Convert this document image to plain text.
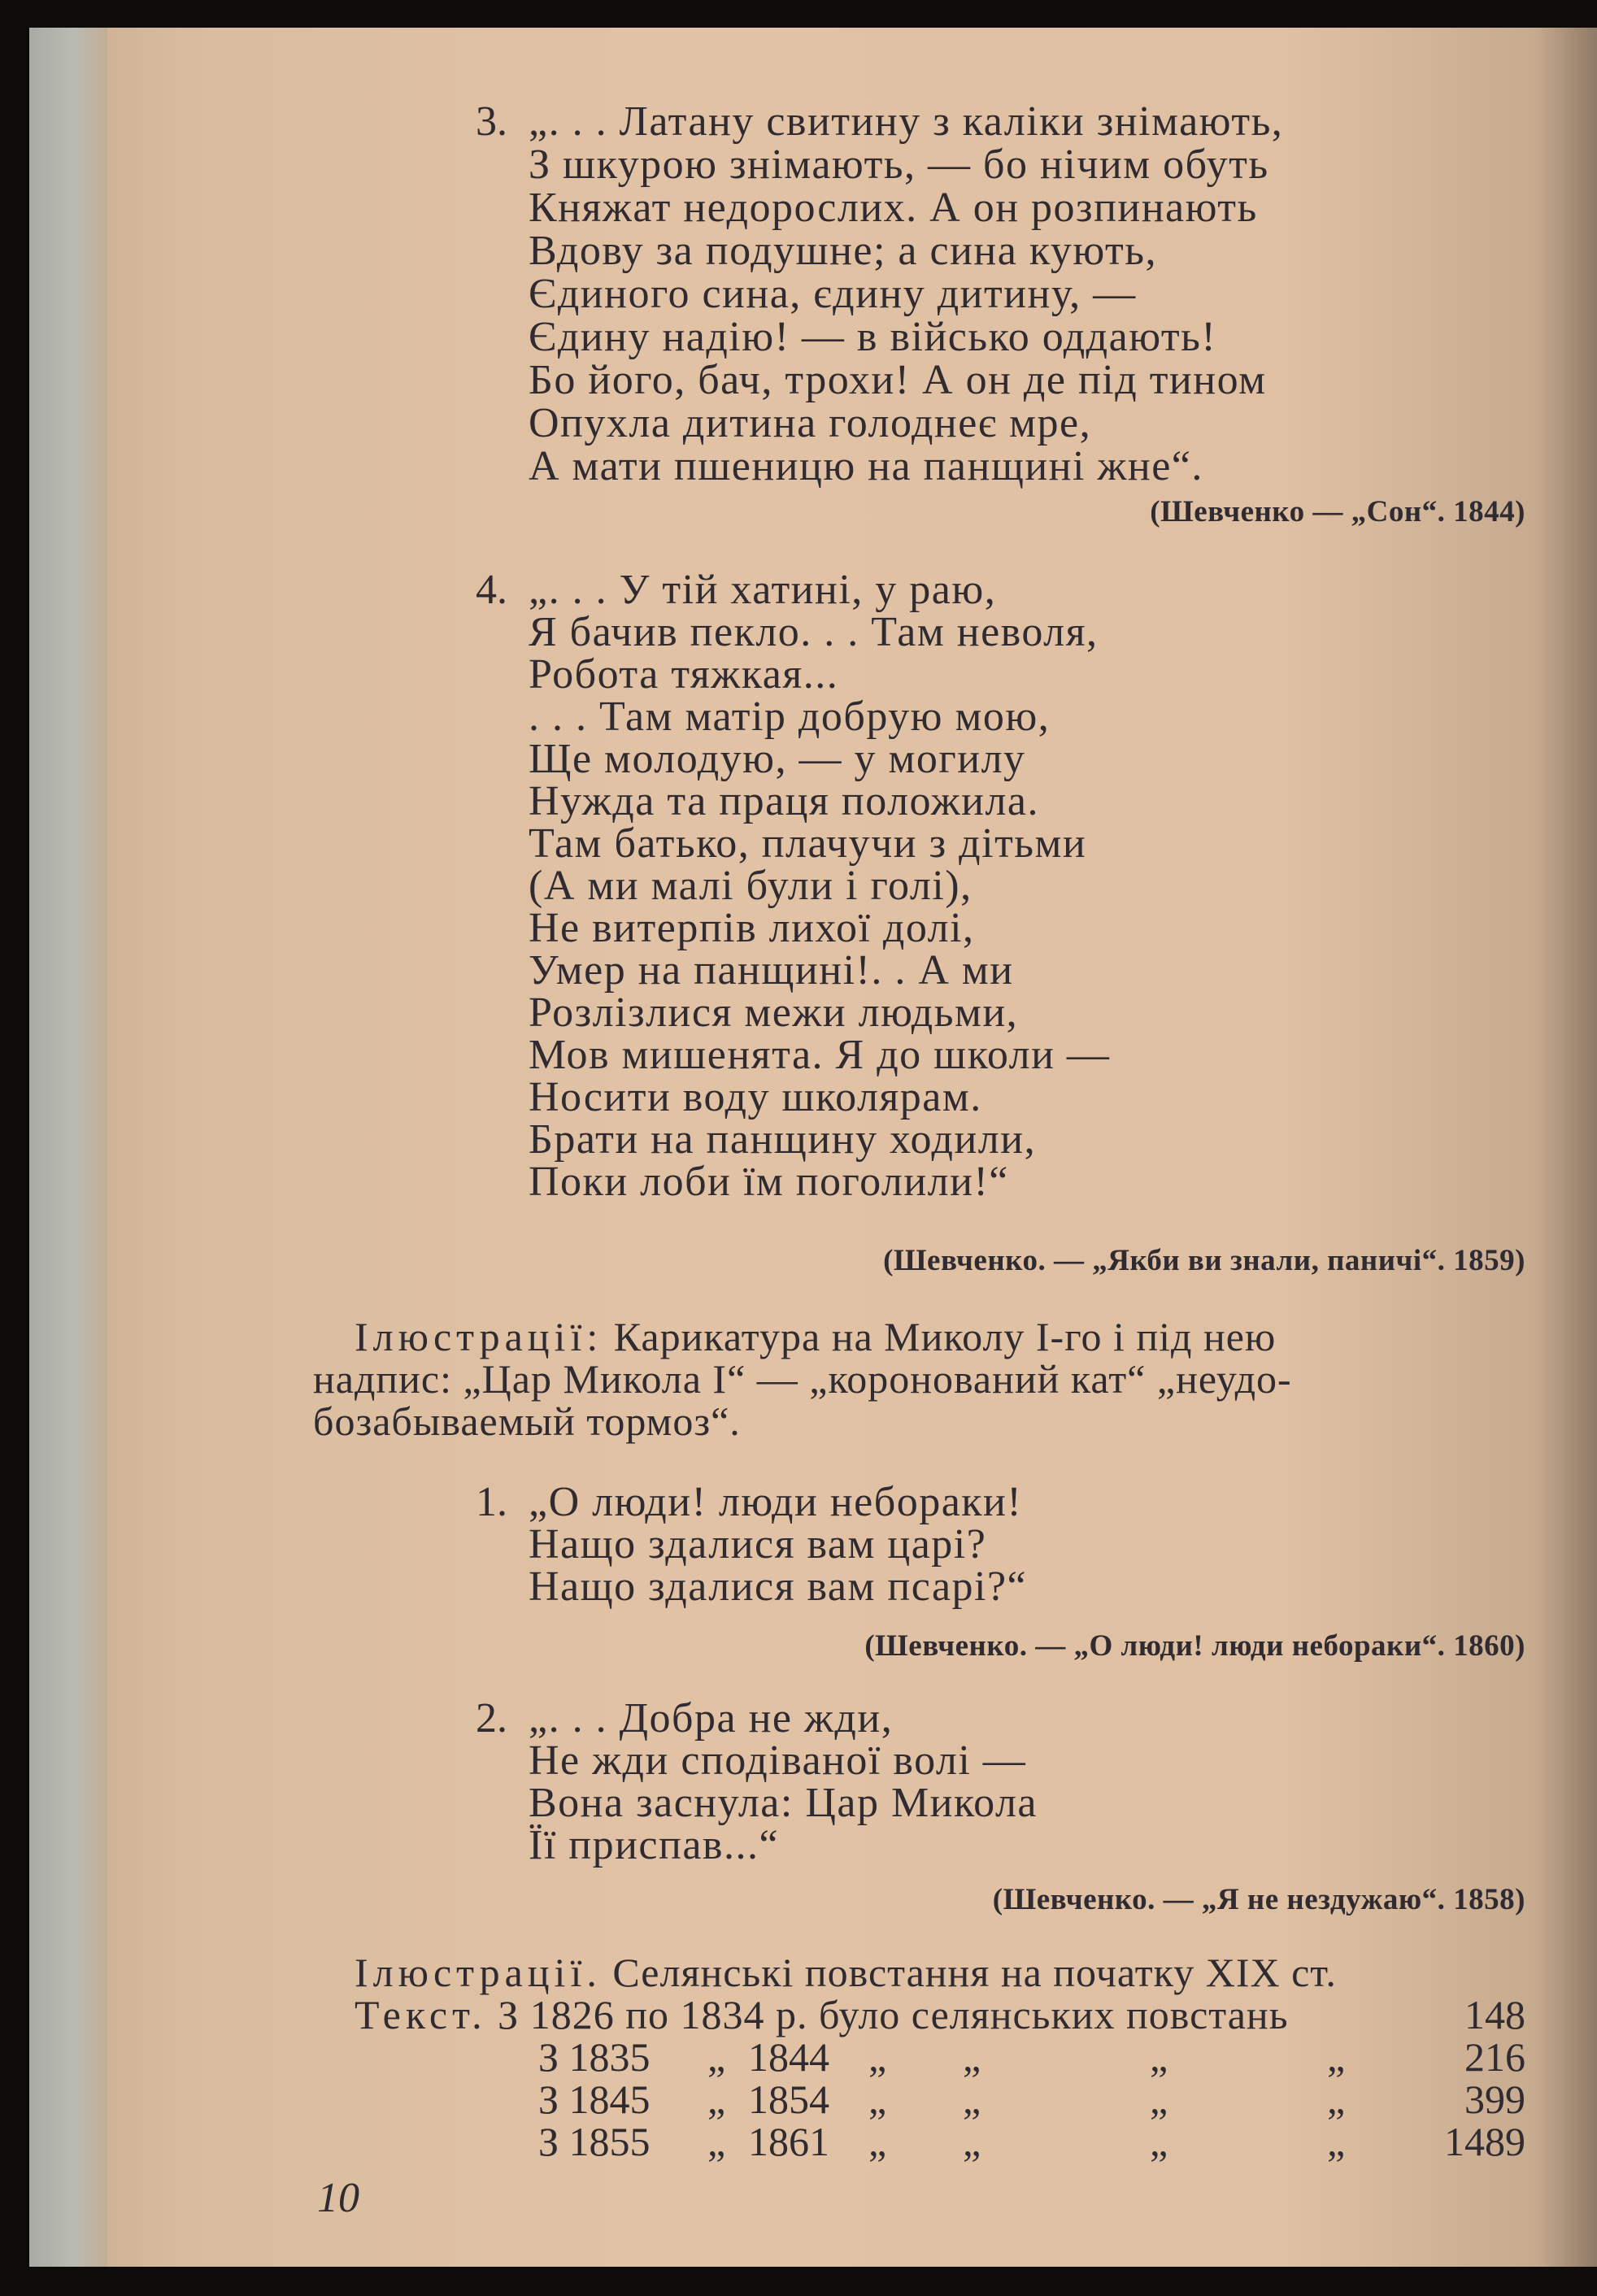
3. „. . . Латану свитину з каліки знімають,
З шкурою знімають, — бо нічим обуть
Княжат недорослих. А он розпинають
Вдову за подушне; а сина кують,
Єдиного сина, єдину дитину, —
Єдину надію! — в військо оддають!
Бо його, бач, трохи! А он де під тином
Опухла дитина голоднеє мре,
А мати пшеницю на панщині жне“.
(Шевченко — „Сон“. 1844)
4. „. . . У тій хатині, у раю,
Я бачив пекло. . . Там неволя,
Робота тяжкая...
. . . Там матір добрую мою,
Ще молодую, — у могилу
Нужда та праця положила.
Там батько, плачучи з дітьми
(А ми малі були і голі),
Не витерпів лихої долі,
Умер на панщині!. . А ми
Розлізлися межи людьми,
Мов мишенята. Я до школи —
Носити воду школярам.
Брати на панщину ходили,
Поки лоби їм поголили!“
(Шевченко. — „Якби ви знали, паничі“. 1859)
Ілюстрації: Карикатура на Миколу І-го і під нею
надпис: „Цар Микола І“ — „коронований кат“ „неудо-
бозабываемый тормоз“.
1. „О люди! люди небораки!
Нащо здалися вам царі?
Нащо здалися вам псарі?“
(Шевченко. — „О люди! люди небораки“. 1860)
2. „. . . Добра не жди,
Не жди сподіваної волі —
Вона заснула: Цар Микола
Її приспав...“
(Шевченко. — „Я не нездужаю“. 1858)
Ілюстрації. Селянські повстання на початку XIX ст.
Текст. З 1826 по 1834 р. було селянських повстань	148
З 1835 „ 1844 „ „	„	„	216
З 1845 „ 1854 „ „	„	„	399
З 1855 „ 1861 „ „	„	„ 1489
10
